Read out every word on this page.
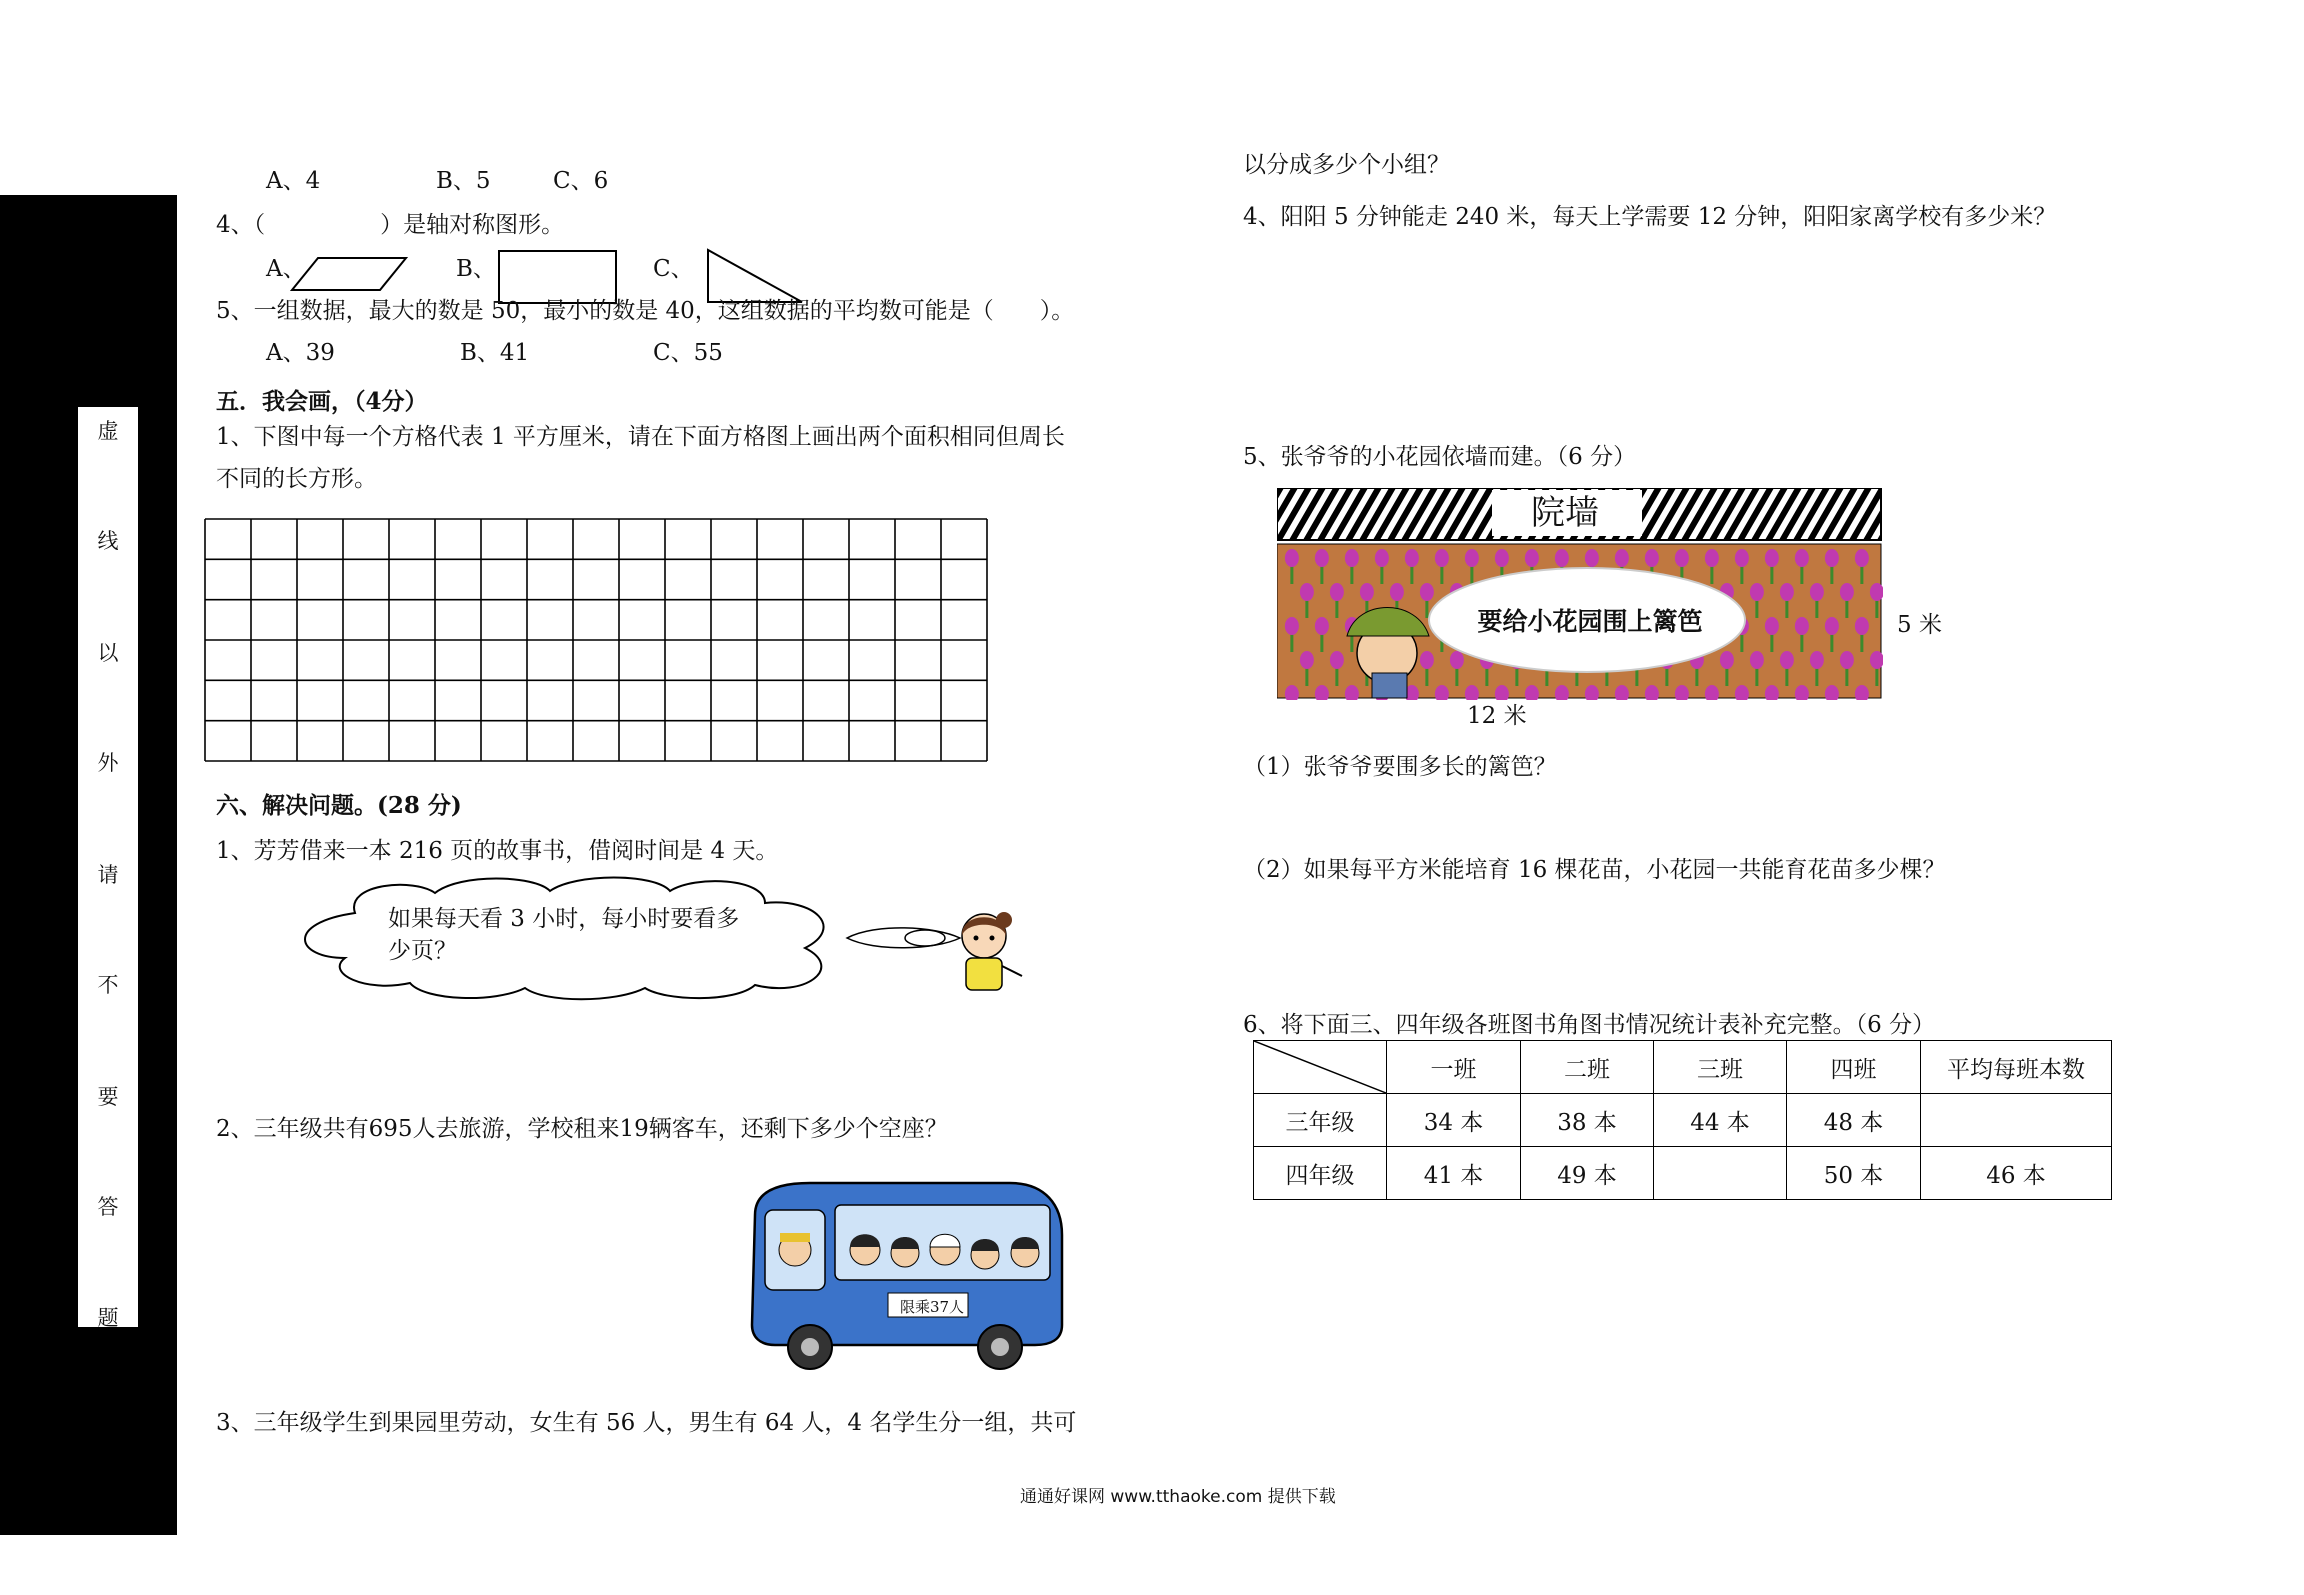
虚
线
以
外
请
不
要
答
题
A、4	B、5	C、6
4、（　　　　　）是轴对称图形。
A、	B、	C、
5、一组数据，最大的数是 50，最小的数是 40，这组数据的平均数可能是（　　）。
A、39	B、41	C、55
五．我会画，（4分）
1、下图中每一个方格代表 1 平方厘米，请在下面方格图上画出两个面积相同但周长
不同的长方形。
六、解决问题。(28 分)
1、芳芳借来一本 216 页的故事书，借阅时间是 4 天。
如果每天看 3 小时，每小时要看多
少页？
2、三年级共有695人去旅游，学校租来19辆客车，还剩下多少个空座？
限乘37人
3、三年级学生到果园里劳动，女生有 56 人，男生有 64 人，4 名学生分一组，共可
以分成多少个小组？
4、阳阳 5 分钟能走 240 米，每天上学需要 12 分钟，阳阳家离学校有多少米？
5、张爷爷的小花园依墙而建。（6 分）
院墙
要给小花园围上篱笆	5 米
12 米
（1）张爷爷要围多长的篱笆？
（2）如果每平方米能培育 16 棵花苗，小花园一共能育花苗多少棵？
6、将下面三、四年级各班图书角图书情况统计表补充完整。（6 分）
	一班	二班	三班	四班	平均每班本数
三年级	34 本	38 本	44 本	48 本	
四年级	41 本	49 本		50 本	46 本
通通好课网 www.tthaoke.com 提供下载
